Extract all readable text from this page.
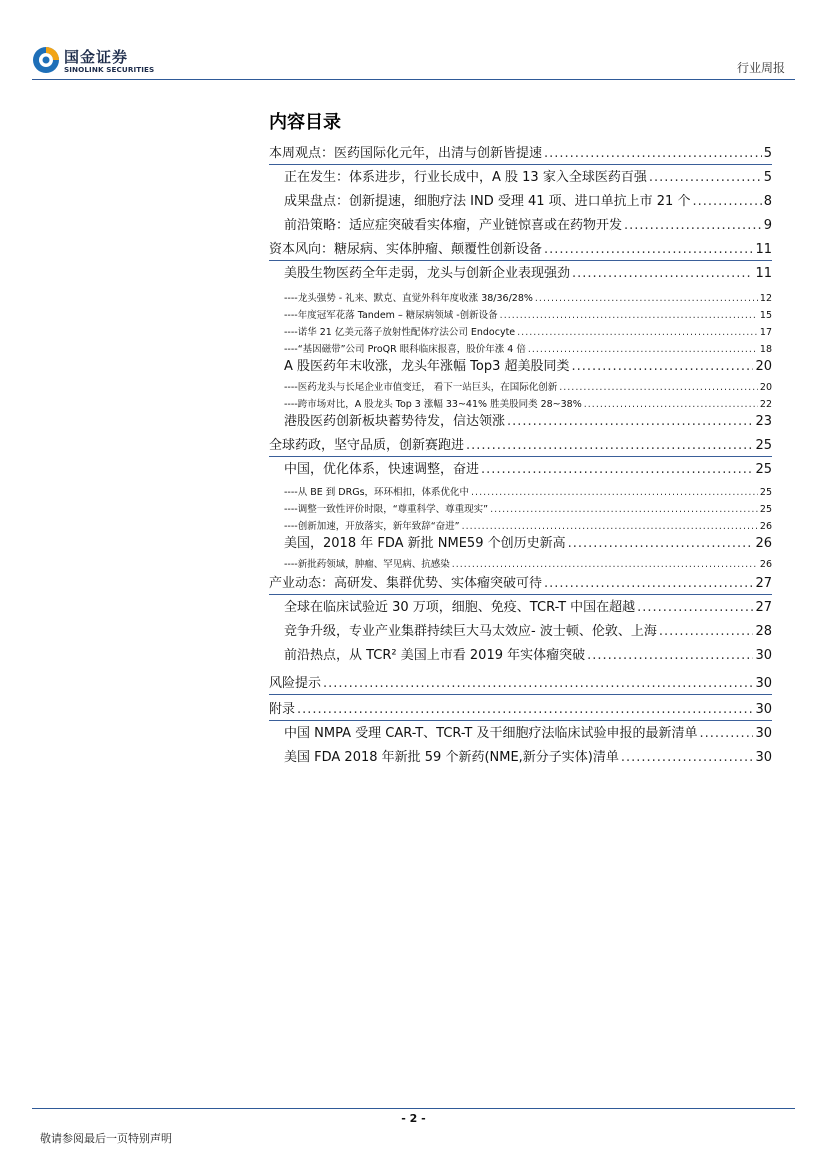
国金证券
SINOLINK SECURITIES	行业周报
内容目录
本周观点：医药国际化元年，出清与创新皆提速 .....	5
正在发生：体系进步，行业长成中，A 股 13 家入全球医药百强 .....	5
成果盘点：创新提速，细胞疗法 IND 受理 41 项、进口单抗上市 21 个 .....	8
前沿策略：适应症突破看实体瘤，产业链惊喜或在药物开发 .....	9
资本风向：糖尿病、实体肿瘤、颠覆性创新设备 .....	11
美股生物医药全年走弱，龙头与创新企业表现强劲 .....	11
----龙头强势 - 礼来、默克、直觉外科年度收涨 38/36/28% .....	12
----年度冠军花落 Tandem – 糖尿病领域 -创新设备 .....	15
----诺华 21 亿美元落子放射性配体疗法公司 Endocyte .....	17
----“基因磁带”公司 ProQR 眼科临床报喜，股价年涨 4 倍 .....	18
A 股医药年末收涨，龙头年涨幅 Top3 超美股同类 .....	20
----医药龙头与长尾企业市值变迁， 看下一站巨头，在国际化创新 .....	20
----跨市场对比，A 股龙头 Top 3 涨幅 33~41% 胜美股同类 28~38% .....	22
港股医药创新板块蓄势待发，信达领涨 .....	23
全球药政，坚守品质，创新赛跑进 .....	25
中国，优化体系，快速调整，奋进 .....	25
----从 BE 到 DRGs，环环相扣，体系优化中 .....	25
----调整一致性评价时限，“尊重科学、尊重现实” .....	25
----创新加速，开放落实，新年致辞“奋进” .....	26
美国，2018 年 FDA 新批 NME59 个创历史新高 .....	26
----新批药领域，肿瘤、罕见病、抗感染 .....	26
产业动态：高研发、集群优势、实体瘤突破可待 .....	27
全球在临床试验近 30 万项，细胞、免疫、TCR-T 中国在超越 .....	27
竞争升级，专业产业集群持续巨大马太效应- 波士顿、伦敦、上海 .....	28
前沿热点，从 TCR² 美国上市看 2019 年实体瘤突破 .....	30
风险提示 .....	30
附录 .....	30
中国 NMPA 受理 CAR-T、TCR-T 及干细胞疗法临床试验申报的最新清单 .....	30
美国 FDA 2018 年新批 59 个新药(NME,新分子实体)清单 .....	30
- 2 -
敬请参阅最后一页特别声明
